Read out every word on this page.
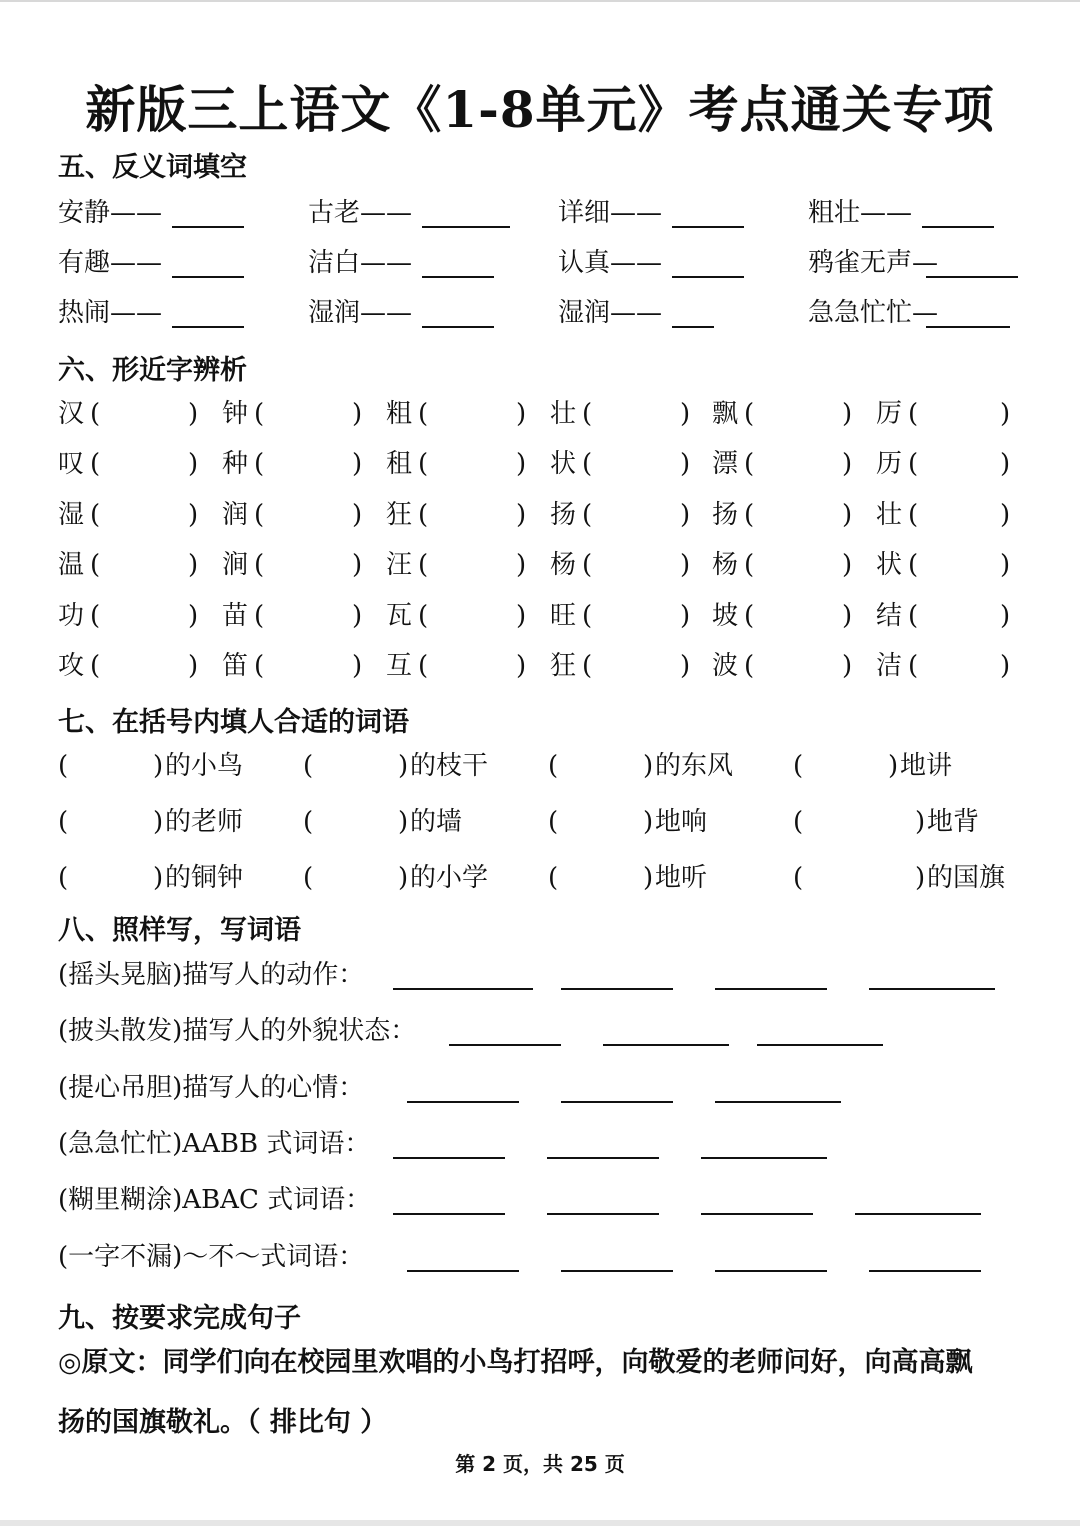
新版三上语文《1-8单元》考点通关专项
五、反义词填空
安静——	古老——	详细——	粗壮——
有趣——	洁白——	认真——	鸦雀无声—
热闹——	湿润——	湿润——	急急忙忙—
六、形近字辨析
汉 (	) 钟 (	) 粗 (	) 壮 (	) 飘 (	) 厉 (	)
叹 (	) 种 (	) 租 (	) 状 (	) 漂 (	) 历 (	)
湿 (	) 润 (	) 狂 (	) 扬 (	) 扬 (	) 壮 (	)
温 (	) 涧 (	) 汪 (	) 杨 (	) 杨 (	) 状 (	)
功 (	) 苗 (	) 瓦 (	) 旺 (	) 坡 (	) 结 (	)
攻 (	) 笛 (	) 互 (	) 狂 (	) 波 (	) 洁 (	)
七、在括号内填人合适的词语
(	) 的小鸟 (	) 的枝干 (	) 的东风 (	) 地讲
(	) 的老师 (	) 的墙	(	) 地响	(	) 地背
(	) 的铜钟 (	) 的小学 (	) 地听	(	) 的国旗
八、照样写，写词语
(摇头晃脑)描写人的动作：
(披头散发)描写人的外貌状态：
(提心吊胆)描写人的心情：
(急急忙忙)AABB 式词语：
(糊里糊涂)ABAC 式词语：
(一字不漏)～不～式词语：
九、按要求完成句子
◎原文：同学们向在校园里欢唱的小鸟打招呼，向敬爱的老师问好，向高高飘
扬的国旗敬礼。（ 排比句 ）
第 2 页，共 25 页
